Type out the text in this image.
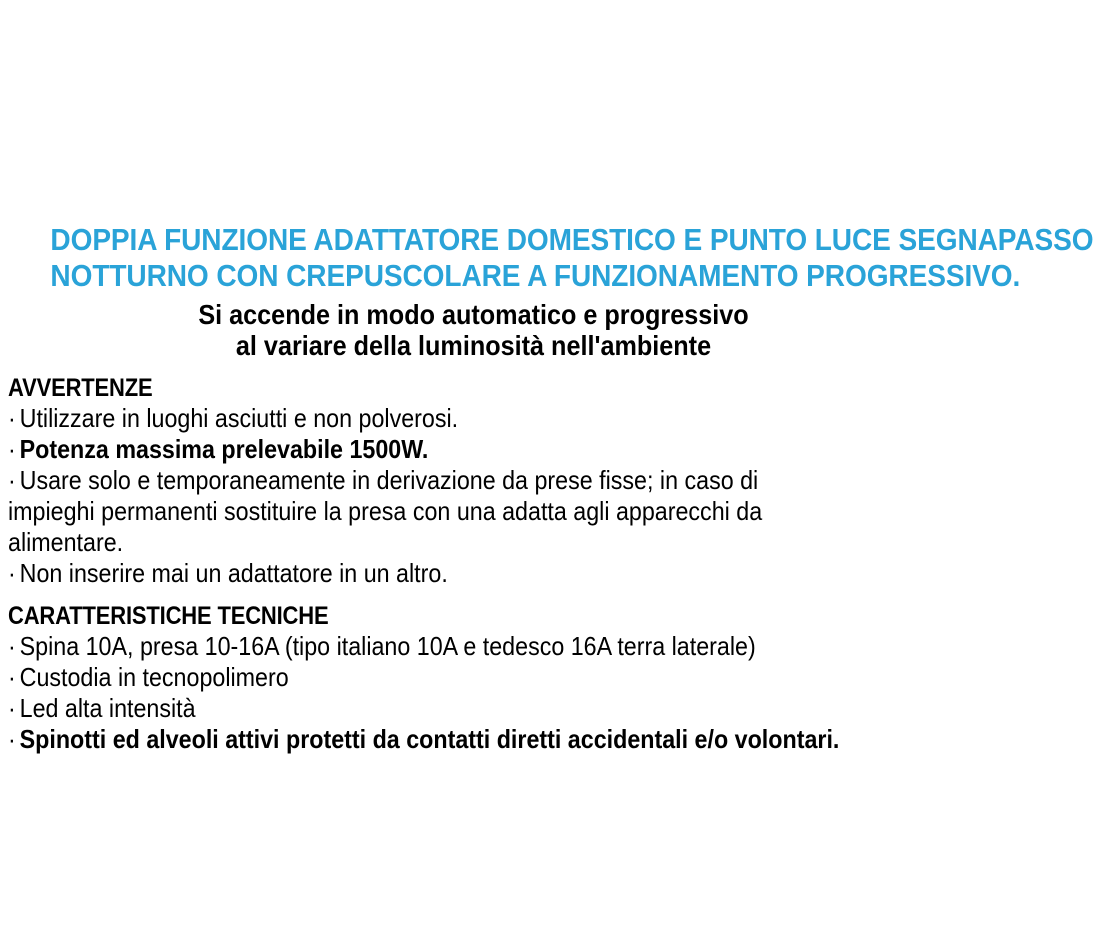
DOPPIA FUNZIONE ADATTATORE DOMESTICO E PUNTO LUCE SEGNAPASSO
NOTTURNO CON CREPUSCOLARE A FUNZIONAMENTO PROGRESSIVO.
Si accende in modo automatico e progressivo
al variare della luminosità nell'ambiente
AVVERTENZE
· Utilizzare in luoghi asciutti e non polverosi.
· Potenza massima prelevabile 1500W.
· Usare solo e temporaneamente in derivazione da prese fisse; in caso di impieghi permanenti sostituire la presa con una adatta agli apparecchi da alimentare.
· Non inserire mai un adattatore in un altro.
CARATTERISTICHE TECNICHE
· Spina 10A, presa 10-16A (tipo italiano 10A e tedesco 16A terra laterale)
· Custodia in tecnopolimero
· Led alta intensità
· Spinotti ed alveoli attivi protetti da contatti diretti accidentali e/o volontari.
